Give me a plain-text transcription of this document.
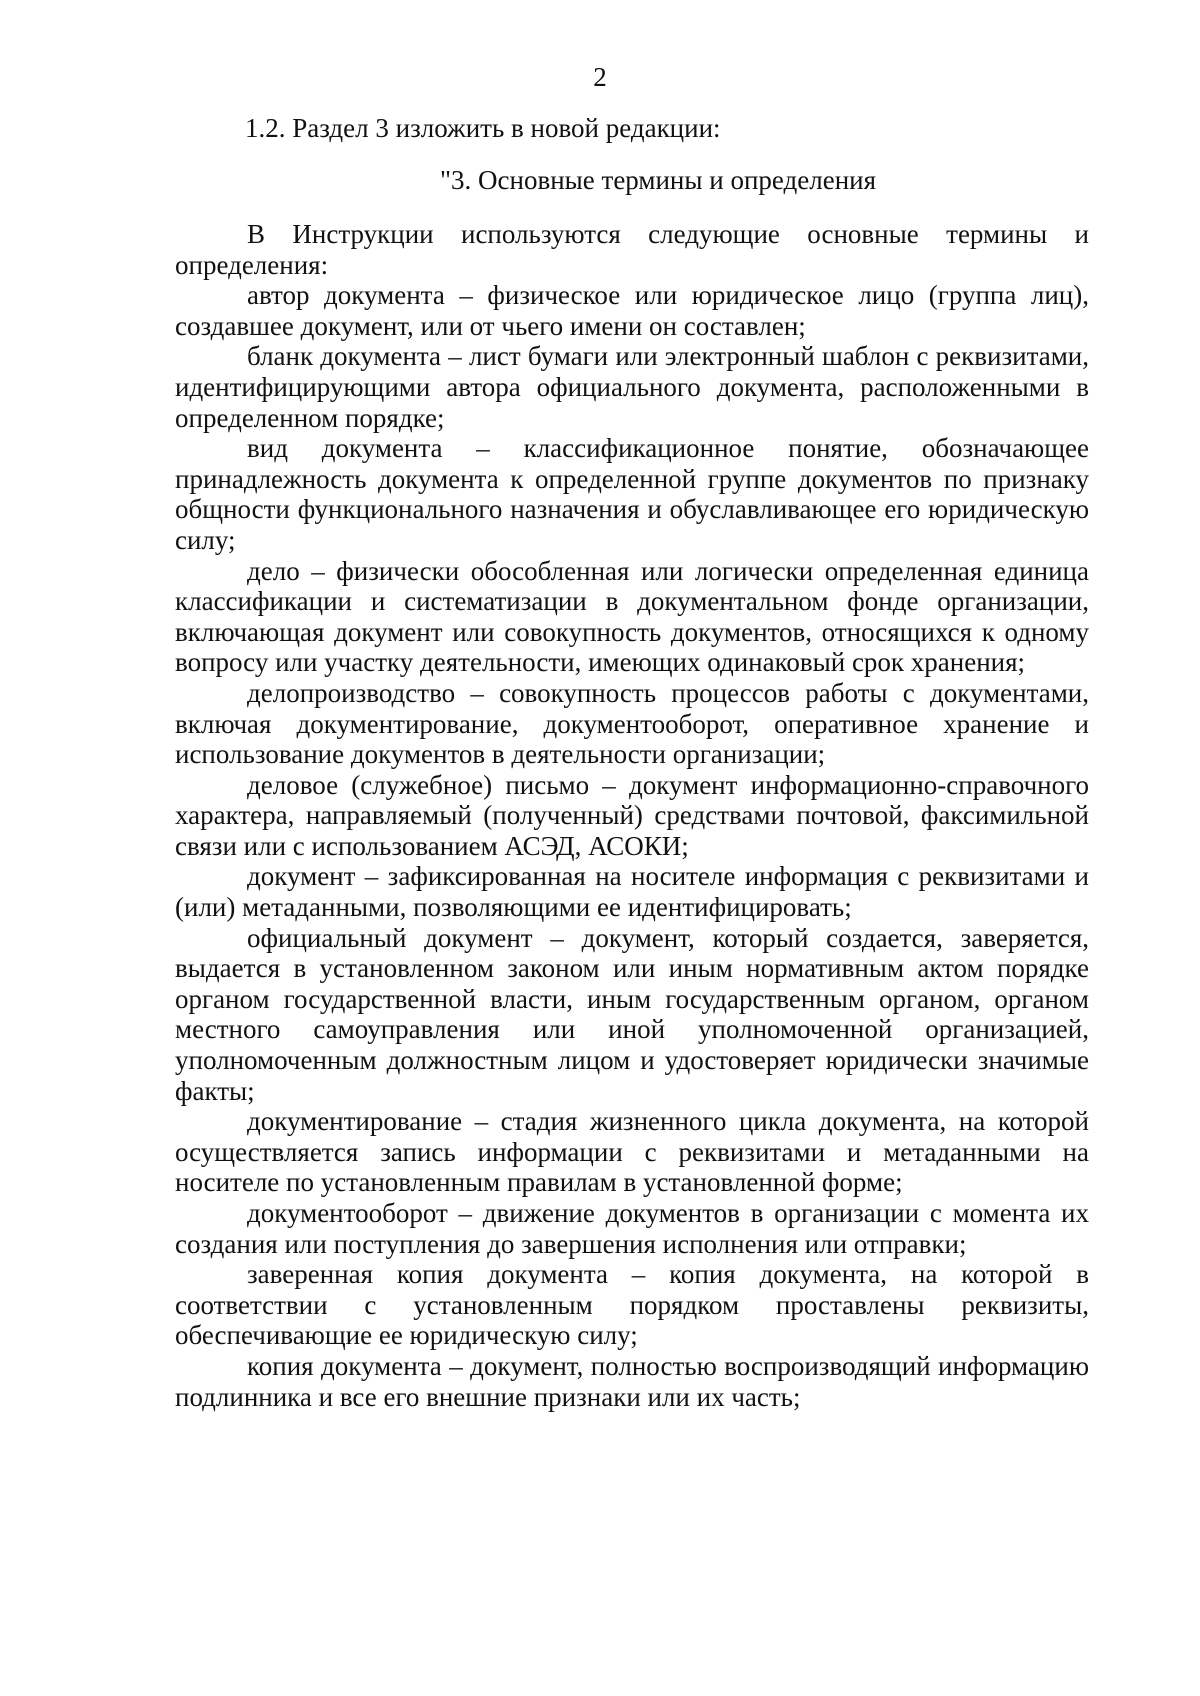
2
1.2. Раздел 3 изложить в новой редакции:
"3. Основные термины и определения

В Инструкции используются следующие основные термины и определения:

автор документа – физическое или юридическое лицо (группа лиц), создавшее документ, или от чьего имени он составлен;

бланк документа – лист бумаги или электронный шаблон с реквизитами, идентифицирующими автора официального документа, расположенными в определенном порядке;

вид документа – классификационное понятие, обозначающее принадлежность документа к определенной группе документов по признаку общности функционального назначения и обуславливающее его юридическую силу;

дело – физически обособленная или логически определенная единица классификации и систематизации в документальном фонде организации, включающая документ или совокупность документов, относящихся к одному вопросу или участку деятельности, имеющих одинаковый срок хранения;

делопроизводство – совокупность процессов работы с документами, включая документирование, документооборот, оперативное хранение и использование документов в деятельности организации;

деловое (служебное) письмо – документ информационно-справочного характера, направляемый (полученный) средствами почтовой, факсимильной связи или с использованием АСЭД, АСОКИ;

документ – зафиксированная на носителе информация с реквизитами и (или) метаданными, позволяющими ее идентифицировать;

официальный документ – документ, который создается, заверяется, выдается в установленном законом или иным нормативным актом порядке органом государственной власти, иным государственным органом, органом местного самоуправления или иной уполномоченной организацией, уполномоченным должностным лицом и удостоверяет юридически значимые факты;

документирование – стадия жизненного цикла документа, на которой осуществляется запись информации с реквизитами и метаданными на носителе по установленным правилам в установленной форме;

документооборот – движение документов в организации с момента их создания или поступления до завершения исполнения или отправки;

заверенная копия документа – копия документа, на которой в соответствии с установленным порядком проставлены реквизиты, обеспечивающие ее юридическую силу;

копия документа – документ, полностью воспроизводящий информацию подлинника и все его внешние признаки или их часть;
